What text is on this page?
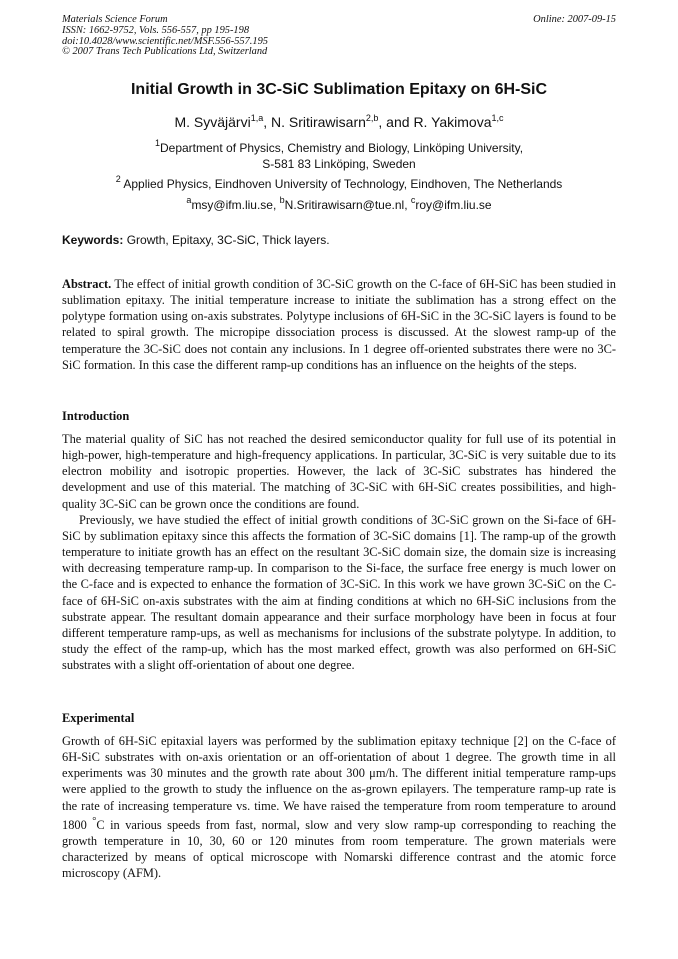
Materials Science Forum
ISSN: 1662-9752, Vols. 556-557, pp 195-198
doi:10.4028/www.scientific.net/MSF.556-557.195
© 2007 Trans Tech Publications Ltd, Switzerland
Online: 2007-09-15
Initial Growth in 3C-SiC Sublimation Epitaxy on 6H-SiC
M. Syväjärvi$^{1,a}$, N. Sritirawisarn$^{2,b}$, and R. Yakimova$^{1,c}$
$^1$Department of Physics, Chemistry and Biology, Linköping University,
S-581 83 Linköping, Sweden
$^2$ Applied Physics, Eindhoven University of Technology, Eindhoven, The Netherlands
$^a$msy@ifm.liu.se, $^b$N.Sritirawisarn@tue.nl, $^c$roy@ifm.liu.se
Keywords: Growth, Epitaxy, 3C-SiC, Thick layers.

Abstract. The effect of initial growth condition of 3C-SiC growth on the C-face of 6H-SiC has been studied in sublimation epitaxy. The initial temperature increase to initiate the sublimation has a strong effect on the polytype formation using on-axis substrates. Polytype inclusions of 6H-SiC in the 3C-SiC layers is found to be related to spiral growth. The micropipe dissociation process is discussed. At the slowest ramp-up of the temperature the 3C-SiC does not contain any inclusions. In 1 degree off-oriented substrates there were no 3C-SiC formation. In this case the different ramp-up conditions has an influence on the heights of the steps.

Introduction

The material quality of SiC has not reached the desired semiconductor quality for full use of its potential in high-power, high-temperature and high-frequency applications. In particular, 3C-SiC is very suitable due to its electron mobility and isotropic properties. However, the lack of 3C-SiC substrates has hindered the development and use of this material. The matching of 3C-SiC with 6H-SiC creates possibilities, and high-quality 3C-SiC can be grown once the conditions are found.

Previously, we have studied the effect of initial growth conditions of 3C-SiC grown on the Si-face of 6H-SiC by sublimation epitaxy since this affects the formation of 3C-SiC domains [1]. The ramp-up of the growth temperature to initiate growth has an effect on the resultant 3C-SiC domain size, the domain size is increasing with decreasing temperature ramp-up. In comparison to the Si-face, the surface free energy is much lower on the C-face and is expected to enhance the formation of 3C-SiC. In this work we have grown 3C-SiC on the C-face of 6H-SiC on-axis substrates with the aim at finding conditions at which no 6H-SiC inclusions from the substrate appear. The resultant domain appearance and their surface morphology have been in focus at four different temperature ramp-ups, as well as mechanisms for inclusions of the substrate polytype. In addition, to study the effect of the ramp-up, which has the most marked effect, growth was also performed on 6H-SiC substrates with a slight off-orientation of about one degree.

Experimental

Growth of 6H-SiC epitaxial layers was performed by the sublimation epitaxy technique [2] on the C-face of 6H-SiC substrates with on-axis orientation or an off-orientation of about 1 degree. The growth time in all experiments was 30 minutes and the growth rate about 300 μm/h. The different initial temperature ramp-ups were applied to the growth to study the influence on the as-grown epilayers. The temperature ramp-up rate is the rate of increasing temperature vs. time. We have raised the temperature from room temperature to around 1800 °C in various speeds from fast, normal, slow and very slow ramp-up corresponding to reaching the growth temperature in 10, 30, 60 or 120 minutes from room temperature. The grown materials were characterized by means of optical microscope with Nomarski difference contrast and the atomic force microscopy (AFM).
